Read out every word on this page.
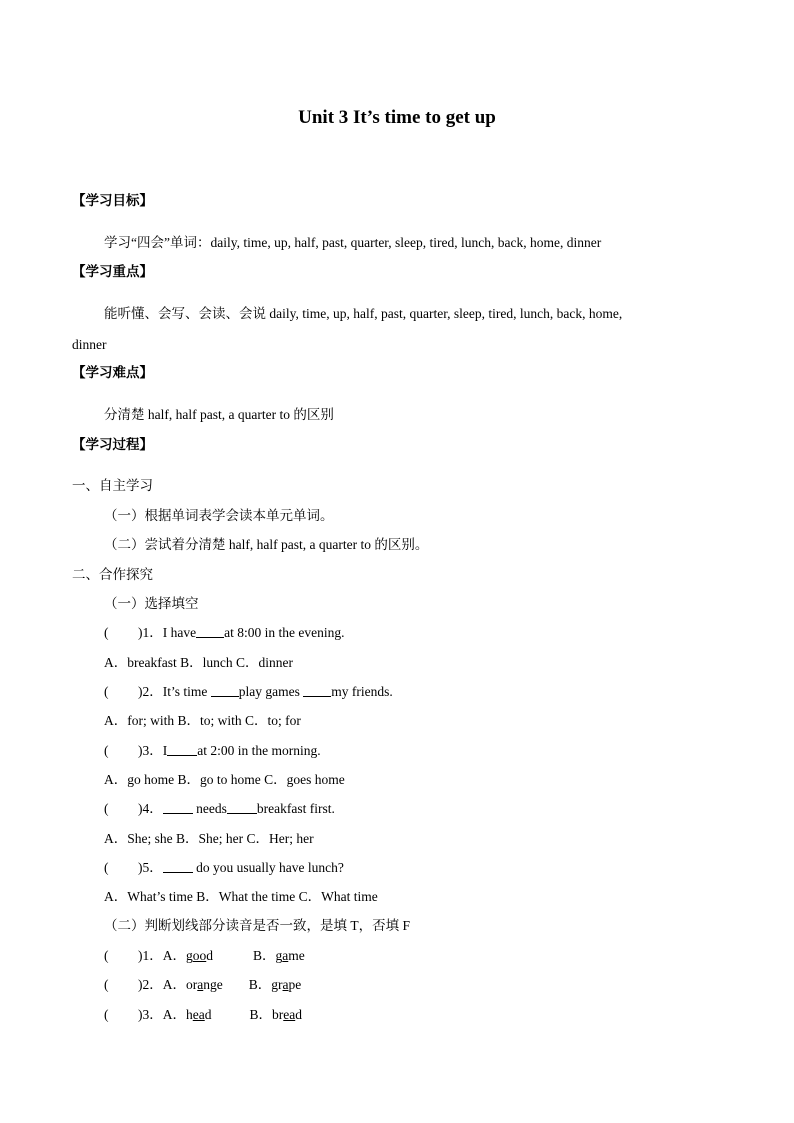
Unit 3 It’s time to get up
【学习目标】
学习“四会”单词：daily, time, up, half, past, quarter, sleep, tired, lunch, back, home, dinner
【学习重点】
能听懂、会写、会读、会说 daily, time, up, half, past, quarter, sleep, tired, lunch, back, home,
dinner
【学习难点】
分清楚 half, half past, a quarter to 的区别
【学习过程】
一、自主学习
（一）根据单词表学会读本单元单词。
（二）尝试着分清楚 half, half past, a quarter to 的区别。
二、合作探究
（一）选择填空
( )1．I have at 8:00 in the evening.
A．breakfast B．lunch C．dinner
( )2．It’s time play games my friends.
A．for; with B．to; with C．to; for
( )3．I at 2:00 in the morning.
A．go home B．go to home C．goes home
( )4． needs breakfast first.
A．She; she B．She; her C．Her; her
( )5． do you usually have lunch?
A．What’s time B．What the time C．What time
（二）判断划线部分读音是否一致，是填 T，否填 F
( )1．A．good	B．game
( )2．A．orange B．grape
( )3．A．head	B．bread
